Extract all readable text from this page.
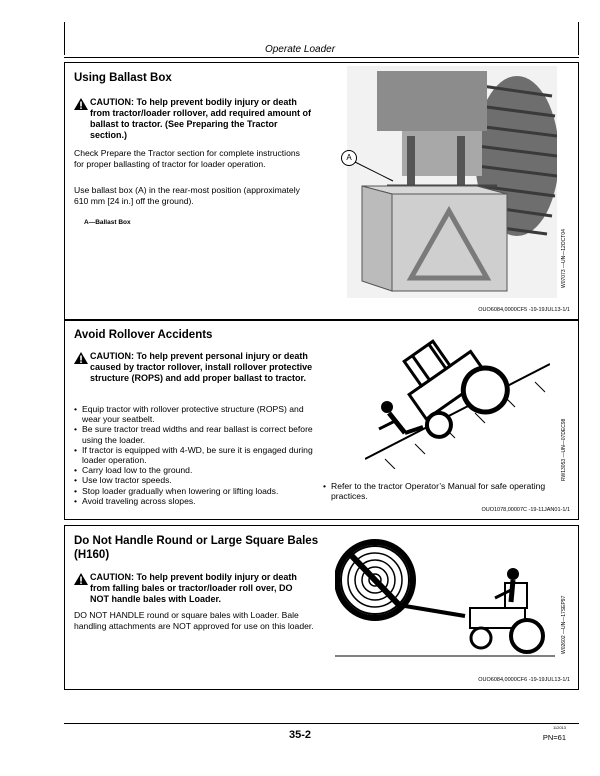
Operate Loader
Using Ballast Box
CAUTION: To help prevent bodily injury or death from tractor/loader rollover, add required amount of ballast to tractor. (See Preparing the Tractor section.)
Check Prepare the Tractor section for complete instructions for proper ballasting of tractor for loader operation.
Use ballast box (A) in the rear-most position (approximately 610 mm [24 in.] off the ground).
A—Ballast Box
A
W07073 —UN—12OCT04
OUO6084,0000CF5 -19-19JUL13-1/1
Avoid Rollover Accidents
CAUTION: To help prevent personal injury or death caused by tractor rollover, install rollover protective structure (ROPS) and add proper ballast to tractor.
• Equip tractor with rollover protective structure (ROPS) and wear your seatbelt.
• Be sure tractor tread widths and rear ballast is correct before using the loader.
• If tractor is equipped with 4-WD, be sure it is engaged during loader operation.
• Carry load low to the ground.
• Use low tractor speeds.
• Stop loader gradually when lowering or lifting loads.
• Avoid traveling across slopes.
• Refer to the tractor Operator’s Manual for safe operating practices.
RW13053 —UN—07DEC98
OUO1078,00007C -19-11JAN01-1/1
Do Not Handle Round or Large Square Bales (H160)
CAUTION: To help prevent bodily injury or death from falling bales or tractor/loader roll over, DO NOT handle bales with Loader.
DO NOT HANDLE round or square bales with Loader. Bale handling attachments are NOT approved for use on this loader.	W02602 —UN—17SEP97
OUO6084,0000CF6 -19-19JUL13-1/1
35-2
112013
PN=61
